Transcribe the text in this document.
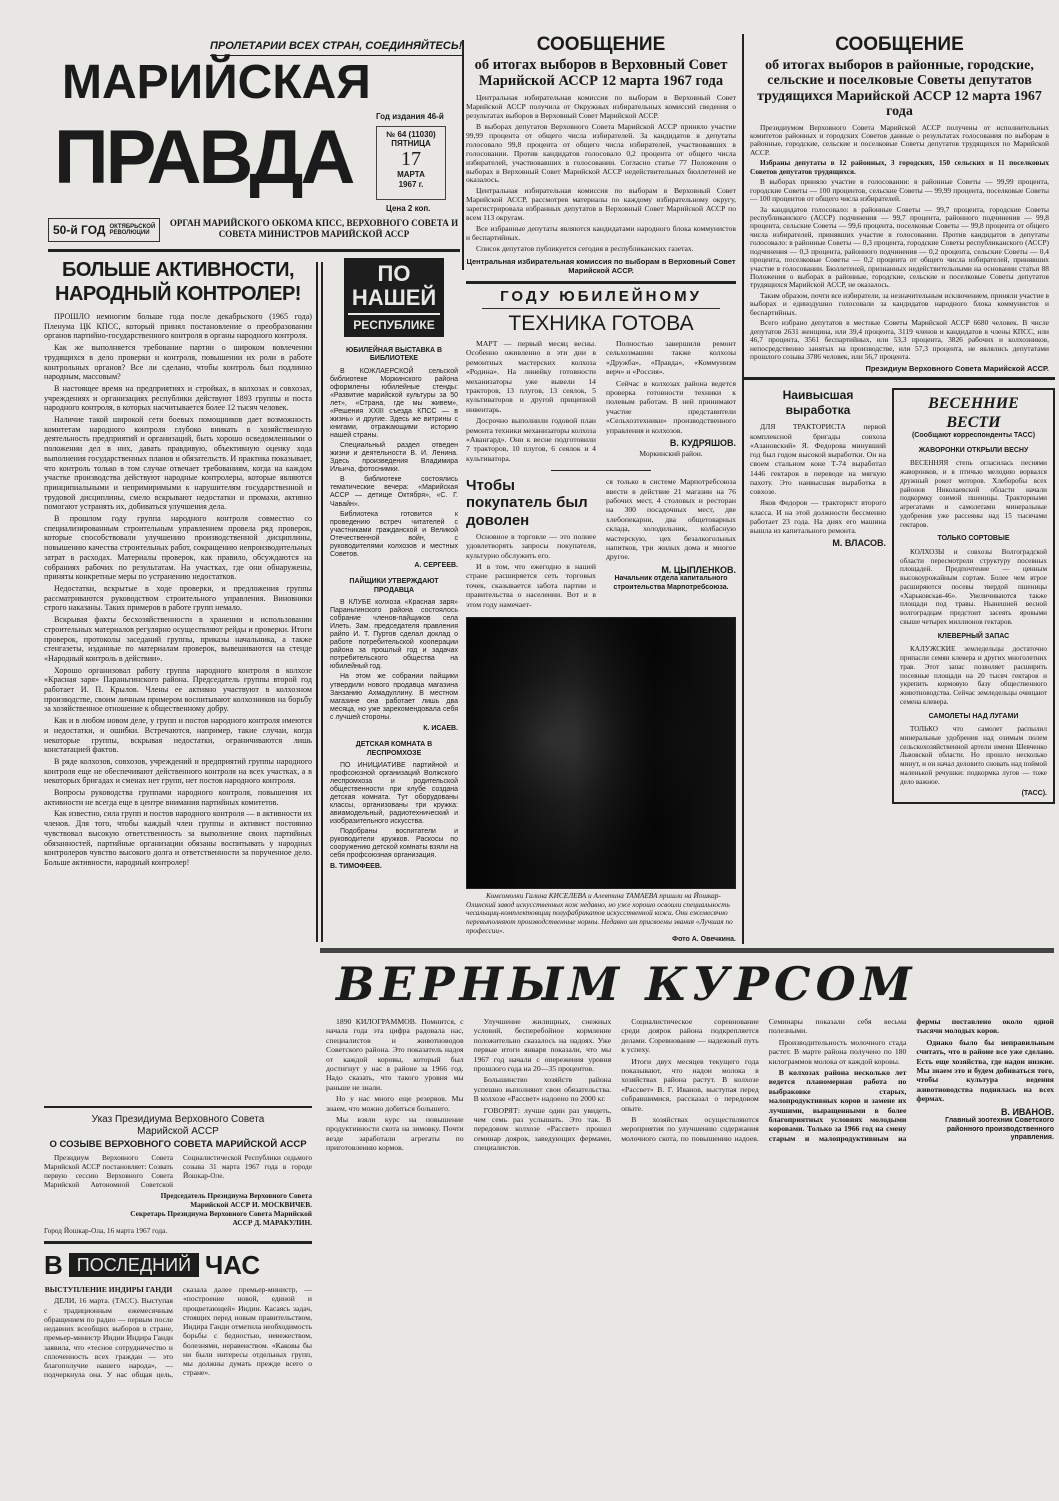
ПРОЛЕТАРИИ ВСЕХ СТРАН, СОЕДИНЯЙТЕСЬ!
МАРИЙСКАЯ
ПРАВДА	Год издания 46-й
№ 64 (11030)
ПЯТНИЦА
17
МАРТА
1967 г.
Цена 2 коп.
50-й ГОД ОКТЯБРЬСКОЙ РЕВОЛЮЦИИ
ОРГАН МАРИЙСКОГО ОБКОМА КПСС, ВЕРХОВНОГО СОВЕТА И СОВЕТА МИНИСТРОВ МАРИЙСКОЙ АССР
БОЛЬШЕ АКТИВНОСТИ,
НАРОДНЫЙ КОНТРОЛЕР!

ПРОШЛО немногим больше года после декабрьского (1965 года) Пленума ЦК КПСС, который принял постановление о преобразовании органов партийно-государственного контроля в органы народного контроля.

Как же выполняется требование партии о широком вовлечении трудящихся в дело проверки и контроля, повышении их роли в работе контрольных органов? Все ли сделано, чтобы контроль был подлинно народным, массовым?

В настоящее время на предприятиях и стройках, в колхозах и совхозах, учреждениях и организациях республики действуют 1893 группы и поста народного контроля, в которых насчитывается более 12 тысяч человек.

Наличие такой широкой сети боевых помощников дает возможность комитетам народного контроля глубоко вникать в хозяйственную деятельность предприятий и организаций, быть хорошо осведомленными о положении дел в них, давать правдивую, объективную оценку хода выполнения государственных планов и обязательств. И практика показывает, что контроль только в том случае отвечает требованиям, когда на каждом участке производства действуют народные контролеры, которые являются принципиальными и непримиримыми к нарушителям государственной и трудовой дисциплины, смело вскрывают недостатки и промахи, активно помогают устранять их, добиваться улучшения дела.

В прошлом году группа народного контроля совместно со специализированным строительным управлением провела ряд проверок, которые способствовали улучшению производственной дисциплины, повышению качества строительных работ, сокращению непроизводительных затрат в расходах. Материалы проверок, как правило, обсуждаются на собраниях рабочих по результатам. На участках, где они обнаружены, приняты конкретные меры по устранению недостатков.

Недостатки, вскрытые в ходе проверки, и предложения группы рассматриваются руководством строительного управления. Виновники строго наказаны. Таких примеров в работе групп немало.

Вскрывая факты бесхозяйственности в хранении и использовании строительных материалов регулярно осуществляют рейды и проверки. Итоги проверок, протоколы заседаний группы, приказы начальника, а также стенгазеты, изданные по материалам проверок, вывешиваются на стенде «Народный контроль в действии».

Хорошо организовал работу группа народного контроля в колхозе «Красная заря» Параньгинского района. Председатель группы второй год работает И. П. Крылов. Члены ее активно участвуют в колхозном производстве, своим личным примером воспитывают колхозников на борьбу за хозяйственное отношение к общественному добру.

Как и в любом новом деле, у групп и постов народного контроля имеются и недостатки, и ошибки. Встречаются, например, такие случаи, когда некоторые группы, вскрывая недостатки, ограничиваются лишь констатацией фактов.

В ряде колхозов, совхозов, учреждений и предприятий группы народного контроля еще не обеспечивают действенного контроля на всех участках, а в некоторых бригадах и сменах нет групп, нет постов народного контроля.

Вопросы руководства группами народного контроля, повышения их активности не всегда еще в центре внимания партийных комитетов.

Как известно, сила групп и постов народного контроля — в активности их членов. Для того, чтобы каждый член группы и активист постоянно чувствовал высокую ответственность за выполнение своих партийных обязанностей, партийные организации обязаны воспитывать у народных контролеров чувство высокого долга и ответственности за порученное дело. Больше активности, народный контролер!

Указ Президиума Верховного Совета Марийской АССР
О СОЗЫВЕ ВЕРХОВНОГО СОВЕТА МАРИЙСКОЙ АССР

Президиум Верховного Совета Марийской АССР постановляет: Созвать первую сессию Верховного Совета Марийской Автономной Советской Социалистической Республики седьмого созыва 31 марта 1967 года в городе Йошкар-Оле.

Председатель Президиума Верховного Совета Марийской АССР И. МОСКВИЧЕВ.
Секретарь Президиума Верховного Совета Марийской АССР Д. МАРАКУЛИН.
Город Йошкар-Ола, 16 марта 1967 года.
В ПОСЛЕДНИЙ ЧАС
ВЫСТУПЛЕНИЕ ИНДИРЫ ГАНДИ

ДЕЛИ, 16 марта. (ТАСС). Выступая с традиционным ежемесячным обращением по радио — первым после недавних всеобщих выборов в стране, премьер-министр Индии Индира Ганди заявила, что «тесное сотрудничество и сплоченность всех граждан — это благополучие нашего народа», — подчеркнула она. У нас общая цель, сказала далее премьер-министр, — «построение новой, единой и процветающей» Индии. Касаясь задач, стоящих перед новым правительством, Индира Ганди отметила необходимость борьбы с бедностью, невежеством, болезнями, неравенством. «Каковы бы ни были интересы отдельных групп, мы должны думать прежде всего о стране».

ПО НАШЕЙ
РЕСПУБЛИКЕ
ЮБИЛЕЙНАЯ ВЫСТАВКА В БИБЛИОТЕКЕ

В КОЖЛАЕРСКОЙ сельской библиотеке Моркинского района оформлены юбилейные стенды: «Развитие марийской культуры за 50 лет», «Страна, где мы живем», «Решения XXIII съезда КПСС — в жизнь» и другие. Здесь же витрины с книгами, отражающими историю нашей страны.

Специальный раздел отведен жизни и деятельности В. И. Ленина. Здесь произведения Владимира Ильича, фотоснимки.

В библиотеке состоялись тематические вечера: «Марийская АССР — детище Октября», «С. Г. Чавайн».

Библиотека готовится к проведению встреч читателей с участниками гражданской и Великой Отечественной войн, с руководителями колхозов и местных Советов.

А. СЕРГЕЕВ.
ПАЙЩИКИ УТВЕРЖДАЮТ ПРОДАВЦА

В КЛУБЕ колхоза «Красная заря» Параньгинского района состоялось собрание членов-пайщиков села Илеть. Зам. председателя правления райпо И. Т. Пуртов сделал доклад о работе потребительской кооперации района за прошлый год и задачах потребительского общества на юбилейный год.

На этом же собрании пайщики утвердили нового продавца магазина Занзанию Ахмадуллину. В местном магазине она работает лишь два месяца, но уже зарекомендовала себя с лучшей стороны.

К. ИСАЕВ.
ДЕТСКАЯ КОМНАТА В ЛЕСПРОМХОЗЕ

ПО ИНИЦИАТИВЕ партийной и профсоюзной организаций Волжского леспромхоза и родительской общественности при клубе создана детская комната. Тут оборудованы классы, организованы три кружка: авиамодельный, радиотехнический и изобразительного искусства.

Подобраны воспитатели и руководители кружков. Раскосы по сооружению детской комнаты взяли на себя профсоюзная организация.

В. ТИМОФЕЕВ.
СООБЩЕНИЕ
об итогах выборов в Верховный Совет Марийской АССР 12 марта 1967 года

Центральная избирательная комиссия по выборам в Верховный Совет Марийской АССР получила от Окружных избирательных комиссий сведения о результатах выборов в Верховный Совет Марийской АССР.

В выборах депутатов Верховного Совета Марийской АССР приняло участие 99,99 процента от общего числа избирателей. За кандидатов в депутаты голосовало 99,8 процента от общего числа избирателей, участвовавших в голосовании. Против кандидатов голосовало 0,2 процента от общего числа избирателей, участвовавших в голосовании. Согласно статье 77 Положения о выборах в Верховный Совет Марийской АССР недействительных бюллетеней не оказалось.

Центральная избирательная комиссия по выборам в Верховный Совет Марийской АССР, рассмотрев материалы по каждому избирательному округу, зарегистрировала избранных депутатов в Верховный Совет Марийской АССР по всем 113 округам.

Все избранные депутаты являются кандидатами народного блока коммунистов и беспартийных.

Список депутатов публикуется сегодня в республиканских газетах.

Центральная избирательная комиссия по выборам в Верховный Совет Марийской АССР.
ГОДУ ЮБИЛЕЙНОМУ
ТЕХНИКА ГОТОВА

МАРТ — первый месяц весны. Особенно оживленно в эти дни в ремонтных мастерских колхоза «Родина». На линейку готовности механизаторы уже вывели 14 тракторов, 13 плугов, 13 сеялок, 5 культиваторов и другой прицепной инвентарь.

Досрочно выполнили годовой план ремонта техники механизаторы колхоза «Авангард». Они к весне подготовили 7 тракторов, 10 плугов, 6 сеялок и 4 культиватора.

Полностью завершили ремонт сельхозмашин также колхозы «Дружба», «Правда», «Коммунизм верч» и «Россия».

Сейчас в колхозах района ведется проверка готовности техники к полевым работам. В ней принимают участие представители «Сельхозтехники» производственного управления и колхозов.

В. КУДРЯШОВ.
Моркинский район.
Чтобы покупатель был доволен

Основное в торговле — это полнее удовлетворять запросы покупателя, культурно обслужить его.

И в том, что ежегодно в нашей стране расширяется сеть торговых точек, сказывается забота партии и правительства о населении. Вот и в этом году намечает-

ся только в системе Марпотребсоюза ввести в действие 21 магазин на 76 рабочих мест, 4 столовых и ресторан на 300 посадочных мест, две хлебопекарни, два общетоварных склада, холодильник, колбасную мастерскую, цех безалкогольных напитков, три жилых дома и многое другое.

М. ЦЫПЛЕНКОВ.
Начальник отдела капитального строительства Марпотребсоюза.
Комсомолки Галина КИСЕЛЕВА и Алевтина ТАМАЕВА пришли на Йошкар-Олинский завод искусственных кож недавно, но уже хорошо освоили специальность чесальщиц-комплектовщиц полуфабрикатов искусственной кожи. Они ежемесячно перевыполняют производственные нормы. Недавно им присвоены звания «Лучшая по профессии».
Фото А. Овечкина.
СООБЩЕНИЕ
об итогах выборов в районные, городские, сельские и поселковые Советы депутатов трудящихся Марийской АССР 12 марта 1967 года

Президиумом Верховного Совета Марийской АССР получены от исполнительных комитетов районных и городских Советов данные о результатах голосования по выборам в районные, городские, сельские и поселковые Советы депутатов трудящихся по Марийской АССР.

Избраны депутаты в 12 районных, 3 городских, 150 сельских и 11 поселковых Советов депутатов трудящихся.

В выборах приняло участие в голосовании: в районные Советы — 99,99 процента, городские Советы — 100 процентов, сельские Советы — 99,99 процента, поселковые Советы — 100 процентов от общего числа избирателей.

За кандидатов голосовало: в районные Советы — 99,7 процента, городские Советы республиканского (АССР) подчинения — 99,7 процента, районного подчинения — 99,8 процента, сельские Советы — 99,6 процента, поселковые Советы — 99,8 процента от общего числа избирателей, принявших участие в голосовании. Против кандидатов в депутаты голосовало: в районные Советы — 0,3 процента, городские Советы республиканского (АССР) подчинения — 0,3 процента, районного подчинения — 0,2 процента, сельские Советы — 0,4 процента, поселковые Советы — 0,2 процента от общего числа избирателей, принявших участие в голосовании. Бюллетеней, признанных недействительными на основании статьи 88 Положения о выборах в районные, городские, сельские и поселковые Советы депутатов трудящихся Марийской АССР, не оказалось.

Таким образом, почти все избиратели, за незначительным исключением, приняли участие в выборах и единодушно голосовали за кандидатов народного блока коммунистов и беспартийных.

Всего избрано депутатов в местные Советы Марийской АССР 6680 человек. В числе депутатов 2631 женщина, или 39,4 процента, 3119 членов и кандидатов в члены КПСС, или 46,7 процента, 3561 беспартийных, или 53,3 процента, 3826 рабочих и колхозников, непосредственно занятых на производстве, или 57,3 процента, не являлись депутатами прошлого созыва 3786 человек, или 56,7 процента.

Президиум Верховного Совета Марийской АССР.
Наивысшая выработка

ДЛЯ ТРАКТОРИСТА первой комплексной бригады совхоза «Азановский» Я. Федорова минувший год был годом высокой выработки. Он на своем стальном коне Т-74 выработал 1446 гектаров в переводе на мягкую пахоту. Это наивысшая выработка в совхозе.

Яков Федоров — тракторист второго класса. И на этой должности бессменно работает 23 года. На днях его машина вышла из капитального ремонта.

М. ВЛАСОВ.
ВЕСЕННИЕ
ВЕСТИ
(Сообщают корреспонденты ТАСС)
ЖАВОРОНКИ ОТКРЫЛИ ВЕСНУ

ВЕСЕННЯЯ степь огласилась песнями жаворонков, и в птичью мелодию ворвался дружный рокот моторов. Хлеборобы всех районов Николаевской области начали подкормку озимой пшеницы. Тракторными агрегатами и самолетами минеральные удобрения уже рассеяны над 15 тысячами гектаров.

ТОЛЬКО СОРТОВЫЕ

КОЛХОЗЫ и совхозы Волгоградской области пересмотрели структуру посевных площадей. Предпочтение — ценным высокоурожайным сортам. Более чем втрое расширяются посевы твердой пшеницы «Харьковская-46». Увеличиваются также площади под травы. Нынешней весной волгоградцам предстоит засеять яровыми свыше четырех миллионов гектаров.

КЛЕВЕРНЫЙ ЗАПАС

КАЛУЖСКИЕ земледельцы достаточно припасли семян клевера и других многолетних трав. Этот запас позволяет расширить посевные площади на 20 тысяч гектаров и укрепить кормовую базу общественного животноводства. Сейчас земледельцы очищают семена клевера.

САМОЛЕТЫ НАД ЛУГАМИ

ТОЛЬКО что самолет распылил минеральные удобрения над озимым полем сельскохозяйственной артели имени Шевченко Львовской области. Но прошло несколько минут, и он начал деловито сновать над поймой маленькой речушки: подкормка лугов — тоже дело важное.

(ТАСС).
ВЕРНЫМ КУРСОМ

1890 КИЛОГРАММОВ. Помнится, с начала года эта цифра радовала нас, специалистов и животноводов Советского района. Это показатель надоя от каждой коровы, который был достигнут у нас в районе за 1966 год. Надо сказать, что такого уровня мы раньше не знали.

Но у нас много еще резервов. Мы знаем, что можно добиться большего.

Мы взяли курс на повышение продуктивности скота на зимовку. Почти везде заработали агрегаты по приготовлению кормов.

Улучшение жилищных, снежных условий, бесперебойное кормление положительно сказалось на надоях. Уже первые итоги января показали, что мы 1967 год начали с опережения уровня прошлого года на 20—35 процентов.

Большинство хозяйств района успешно выполняют свои обязательства. В колхозе «Рассвет» надоено по 2000 кг.

ГОВОРЯТ: лучше один раз увидеть, чем семь раз услышать. Это так. В передовом колхозе «Рассвет» прошел семинар доярок, заведующих фермами, специалистов.

Социалистическое соревнование среди доярок района подкрепляется делами. Соревнование — надежный путь к успеху.

Итоги двух месяцев текущего года показывают, что надои молока в хозяйствах района растут. В колхозе «Рассвет» В. Г. Иванов, выступая перед собравшимися, рассказал о передовом опыте.

В хозяйствах осуществляются мероприятия по улучшению содержания молочного скота, по повышению надоев. Семинары показали себя весьма полезными.

Производительность молочного стада растет. В марте района получено по 180 килограммов молока от каждой коровы.

В колхозах района несколько лет ведется планомерная работа по выбраковке старых, малопродуктивных коров и замене их лучшими, выращенными в более благоприятных условиях молодыми коровами. Только за 1966 год на смену старым и малопродуктивным на фермы поставлено около одной тысячи молодых коров.

Однако было бы неправильным считать, что в районе все уже сделано. Есть еще хозяйства, где надои низкие. Мы знаем это и будем добиваться того, чтобы культура ведения животноводства поднялась на всех фермах.

В. ИВАНОВ.
Главный зоотехник Советского районного производственного управления.
